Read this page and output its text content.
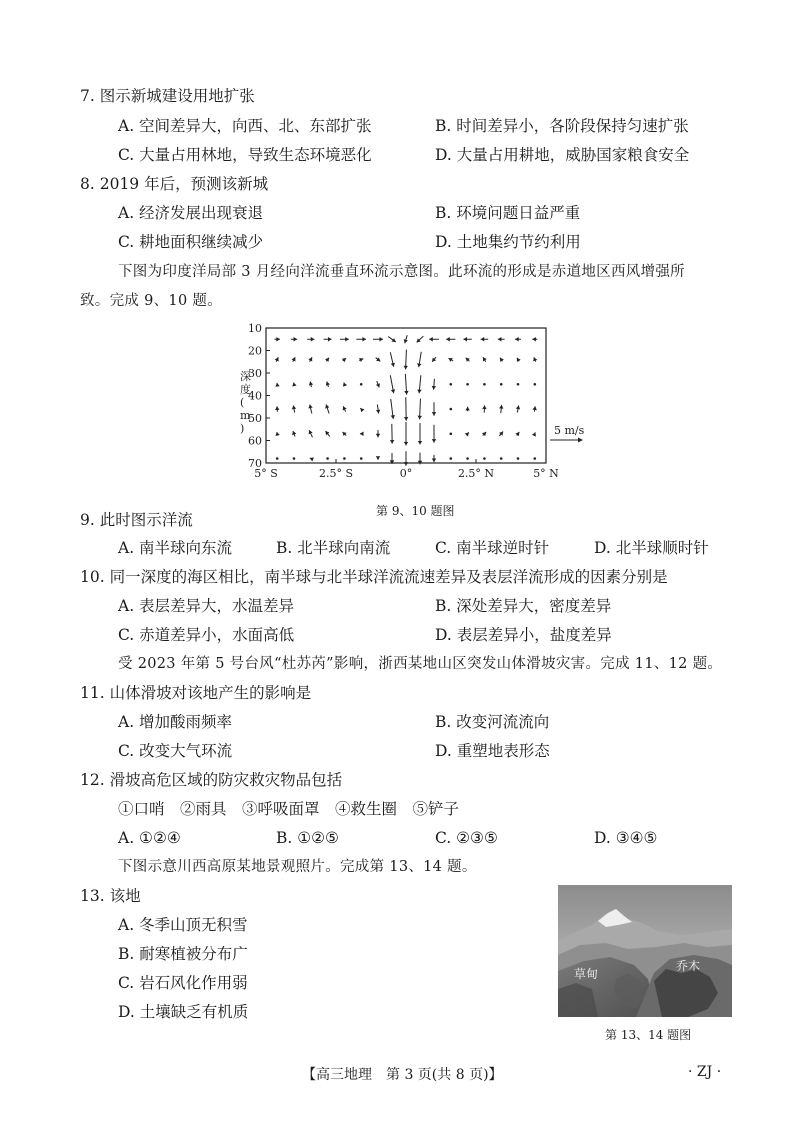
7. 图示新城建设用地扩张
A. 空间差异大，向西、北、东部扩张	B. 时间差异小，各阶段保持匀速扩张
C. 大量占用林地，导致生态环境恶化	D. 大量占用耕地，威胁国家粮食安全
8. 2019 年后，预测该新城
A. 经济发展出现衰退	B. 环境问题日益严重
C. 耕地面积继续减少	D. 土地集约节约利用
下图为印度洋局部 3 月经向洋流垂直环流示意图。此环流的形成是赤道地区西风增强所
致。完成 9、10 题。
10
20
30
40
50
60
70
5° S	2.5° S	0°	2.5° N	5° N
深度( m )	5 m/s
第 9、10 题图
9. 此时图示洋流
A. 南半球向东流	B. 北半球向南流	C. 南半球逆时针	D. 北半球顺时针
10. 同一深度的海区相比，南半球与北半球洋流流速差异及表层洋流形成的因素分别是
A. 表层差异大，水温差异	B. 深处差异大，密度差异
C. 赤道差异小，水面高低	D. 表层差异小，盐度差异
受 2023 年第 5 号台风“杜苏芮”影响，浙西某地山区突发山体滑坡灾害。完成 11、12 题。
11. 山体滑坡对该地产生的影响是
A. 增加酸雨频率	B. 改变河流流向
C. 改变大气环流	D. 重塑地表形态
12. 滑坡高危区域的防灾救灾物品包括
①口哨　②雨具　③呼吸面罩　④救生圈　⑤铲子
A. ①②④	B. ①②⑤	C. ②③⑤	D. ③④⑤
下图示意川西高原某地景观照片。完成第 13、14 题。
13. 该地
A. 冬季山顶无积雪
B. 耐寒植被分布广
C. 岩石风化作用弱
D. 土壤缺乏有机质
草甸
乔木
第 13、14 题图
【高三地理　第 3 页(共 8 页)】	· ZJ ·
